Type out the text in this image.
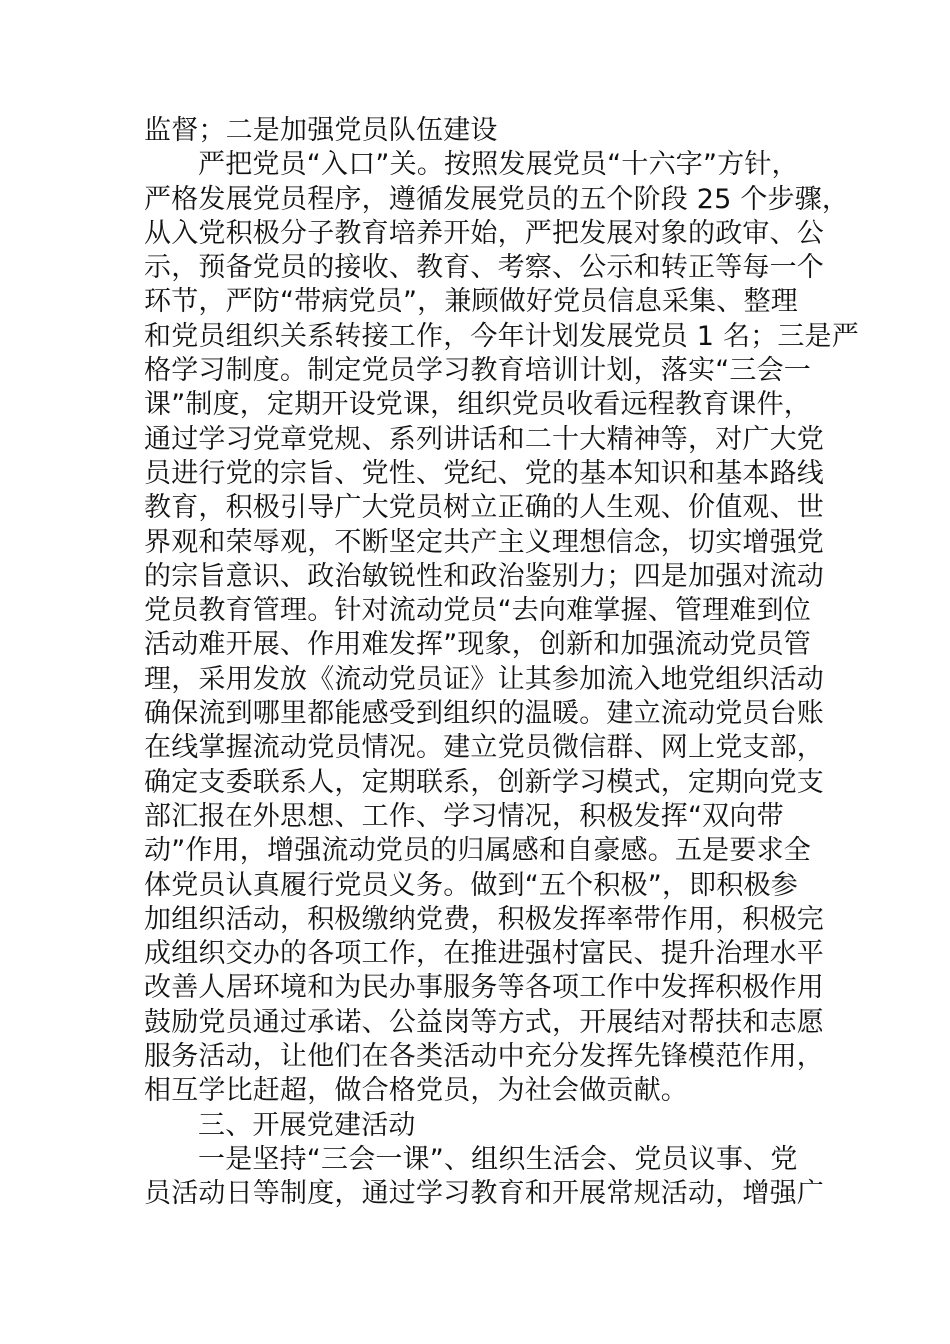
监督；二是加强党员队伍建设
严把党员“入口”关。按照发展党员“十六字”方针，
严格发展党员程序，遵循发展党员的五个阶段 25 个步骤，
从入党积极分子教育培养开始，严把发展对象的政审、公
示，预备党员的接收、教育、考察、公示和转正等每一个
环节，严防“带病党员”，兼顾做好党员信息采集、整理
和党员组织关系转接工作，今年计划发展党员 1 名；三是严
格学习制度。制定党员学习教育培训计划，落实“三会一
课”制度，定期开设党课，组织党员收看远程教育课件，
通过学习党章党规、系列讲话和二十大精神等，对广大党
员进行党的宗旨、党性、党纪、党的基本知识和基本路线
教育，积极引导广大党员树立正确的人生观、价值观、世
界观和荣辱观，不断坚定共产主义理想信念，切实增强党
的宗旨意识、政治敏锐性和政治鉴别力；四是加强对流动
党员教育管理。针对流动党员“去向难掌握、管理难到位
活动难开展、作用难发挥”现象，创新和加强流动党员管
理，采用发放《流动党员证》让其参加流入地党组织活动
确保流到哪里都能感受到组织的温暖。建立流动党员台账
在线掌握流动党员情况。建立党员微信群、网上党支部，
确定支委联系人，定期联系，创新学习模式，定期向党支
部汇报在外思想、工作、学习情况，积极发挥“双向带
动”作用，增强流动党员的归属感和自豪感。五是要求全
体党员认真履行党员义务。做到“五个积极”，即积极参
加组织活动，积极缴纳党费，积极发挥率带作用，积极完
成组织交办的各项工作，在推进强村富民、提升治理水平
改善人居环境和为民办事服务等各项工作中发挥积极作用
鼓励党员通过承诺、公益岗等方式，开展结对帮扶和志愿
服务活动，让他们在各类活动中充分发挥先锋模范作用，
相互学比赶超，做合格党员，为社会做贡献。
三、开展党建活动
一是坚持“三会一课”、组织生活会、党员议事、党
员活动日等制度，通过学习教育和开展常规活动，增强广
